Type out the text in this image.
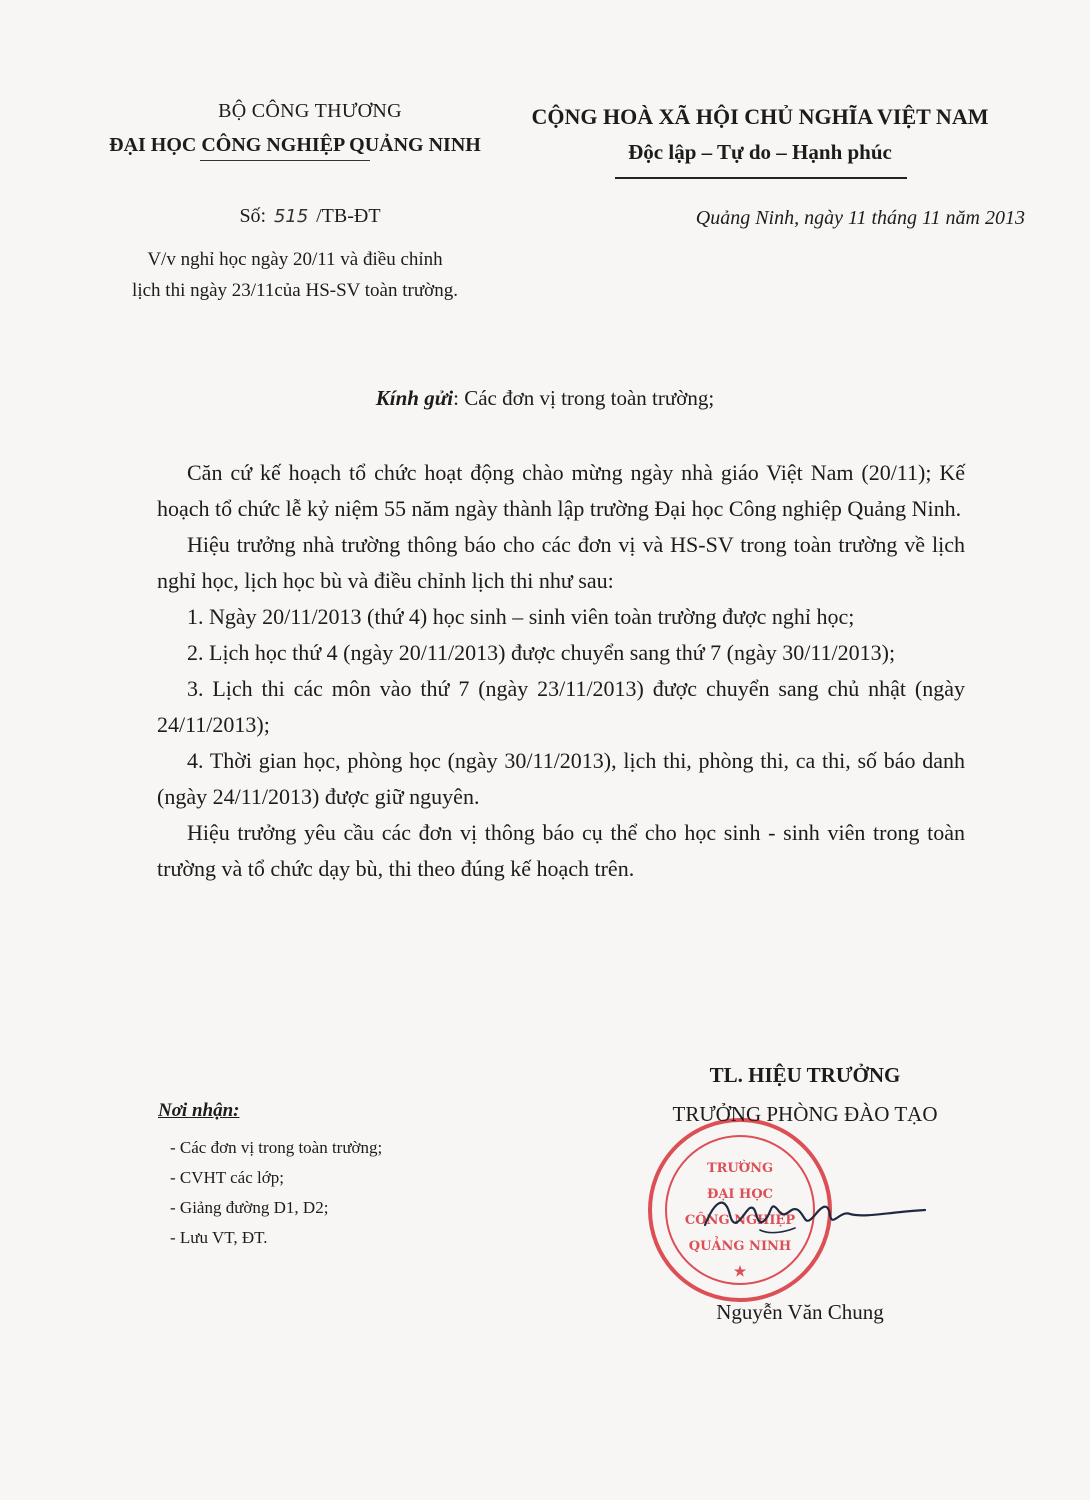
BỘ CÔNG THƯƠNG
ĐẠI HỌC CÔNG NGHIỆP QUẢNG NINH
CỘNG HOÀ XÃ HỘI CHỦ NGHĨA VIỆT NAM
Độc lập – Tự do – Hạnh phúc
Số: 515 /TB-ĐT
V/v nghỉ học ngày 20/11 và điều chỉnh
lịch thi ngày 23/11của HS-SV toàn trường.
Quảng Ninh, ngày 11 tháng 11 năm 2013
Kính gửi: Các đơn vị trong toàn trường;

Căn cứ kế hoạch tổ chức hoạt động chào mừng ngày nhà giáo Việt Nam (20/11); Kế hoạch tổ chức lễ kỷ niệm 55 năm ngày thành lập trường Đại học Công nghiệp Quảng Ninh.

Hiệu trưởng nhà trường thông báo cho các đơn vị và HS-SV trong toàn trường về lịch nghỉ học, lịch học bù và điều chỉnh lịch thi như sau:

1. Ngày 20/11/2013 (thứ 4) học sinh – sinh viên toàn trường được nghỉ học;

2. Lịch học thứ 4 (ngày 20/11/2013) được chuyển sang thứ 7 (ngày 30/11/2013);

3. Lịch thi các môn vào thứ 7 (ngày 23/11/2013) được chuyển sang chủ nhật (ngày 24/11/2013);

4. Thời gian học, phòng học (ngày 30/11/2013), lịch thi, phòng thi, ca thi, số báo danh (ngày 24/11/2013) được giữ nguyên.

Hiệu trưởng yêu cầu các đơn vị thông báo cụ thể cho học sinh - sinh viên trong toàn trường và tổ chức dạy bù, thi theo đúng kế hoạch trên.

Nơi nhận:
- Các đơn vị trong toàn trường;
- CVHT các lớp;
- Giảng đường D1, D2;
- Lưu VT, ĐT.
TRƯỜNG
ĐẠI HỌC
CÔNG NGHIỆP
QUẢNG NINH
★
TL. HIỆU TRƯỞNG
TRƯỞNG PHÒNG ĐÀO TẠO
Nguyễn Văn Chung
